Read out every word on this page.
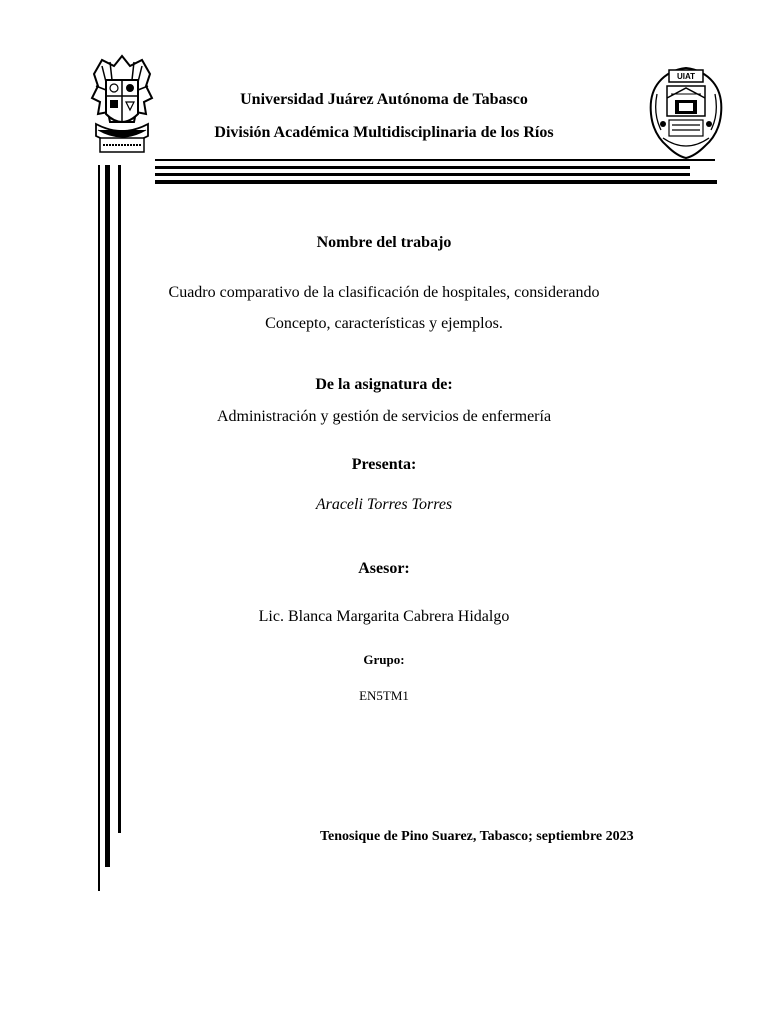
UIAT
Universidad Juárez Autónoma de Tabasco
División Académica Multidisciplinaria de los Ríos
Nombre del trabajo
Cuadro comparativo de la clasificación de hospitales, considerando
Concepto, características y ejemplos.
De la asignatura de:
Administración y gestión de servicios de enfermería
Presenta:
Araceli Torres Torres
Asesor:
Lic. Blanca Margarita Cabrera Hidalgo
Grupo:
EN5TM1
Tenosique de Pino Suarez, Tabasco; septiembre 2023
